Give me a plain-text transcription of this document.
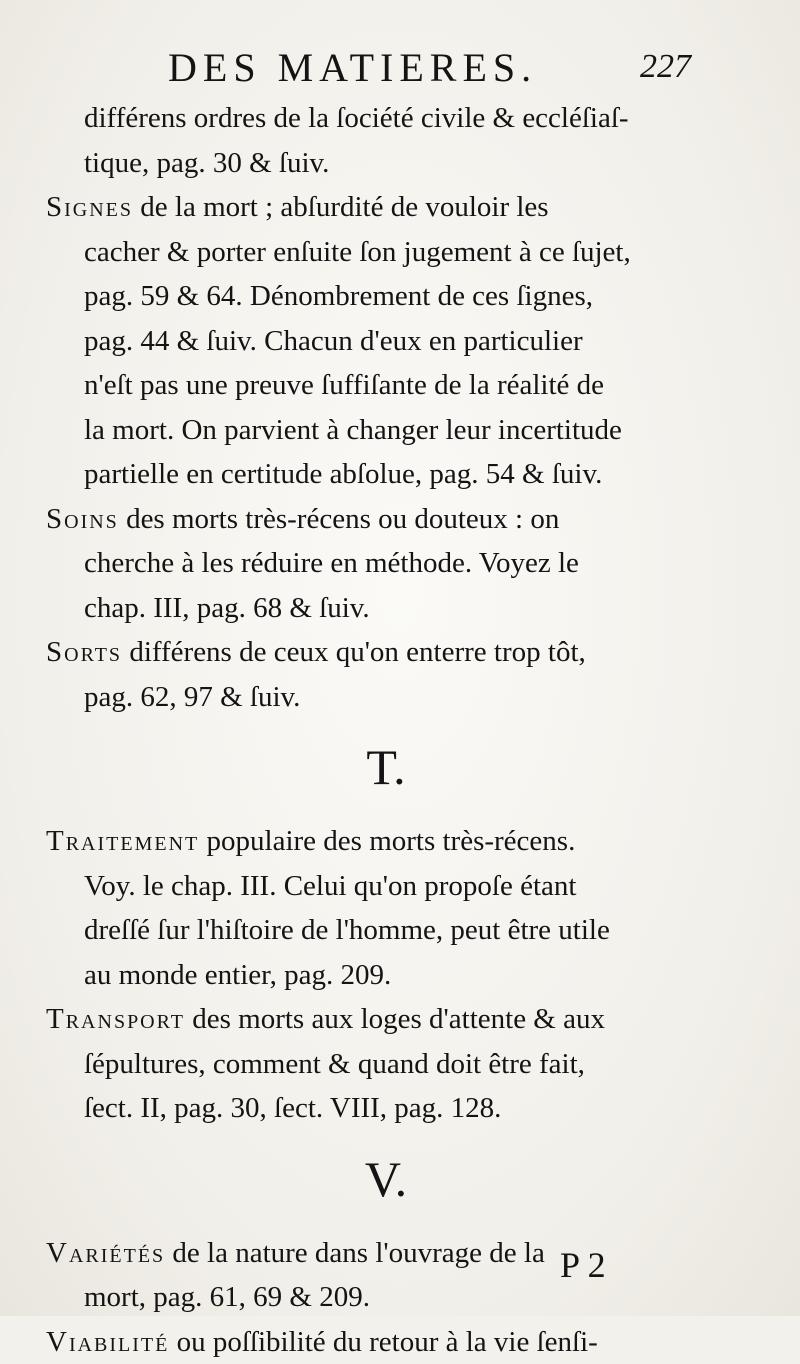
DES MATIERES.	227
différens ordres de la ſociété civile & eccléſiaſ-
tique, pag. 30 & ſuiv.
Signes de la mort ; abſurdité de vouloir les
cacher & porter enſuite ſon jugement à ce ſujet,
pag. 59 & 64. Dénombrement de ces ſignes,
pag. 44 & ſuiv. Chacun d'eux en particulier
n'eſt pas une preuve ſuffiſante de la réalité de
la mort. On parvient à changer leur incertitude
partielle en certitude abſolue, pag. 54 & ſuiv.
Soins des morts très-récens ou douteux : on
cherche à les réduire en méthode. Voyez le
chap. III, pag. 68 & ſuiv.
Sorts différens de ceux qu'on enterre trop tôt,
pag. 62, 97 & ſuiv.
T.
Traitement populaire des morts très-récens.
Voy. le chap. III. Celui qu'on propoſe étant
dreſſé ſur l'hiſtoire de l'homme, peut être utile
au monde entier, pag. 209.
Transport des morts aux loges d'attente & aux
ſépultures, comment & quand doit être fait,
ſect. II, pag. 30, ſect. VIII, pag. 128.
V.
Variétés de la nature dans l'ouvrage de la
mort, pag. 61, 69 & 209.
Viabilité ou poſſibilité du retour à la vie ſenſi-
P 2
